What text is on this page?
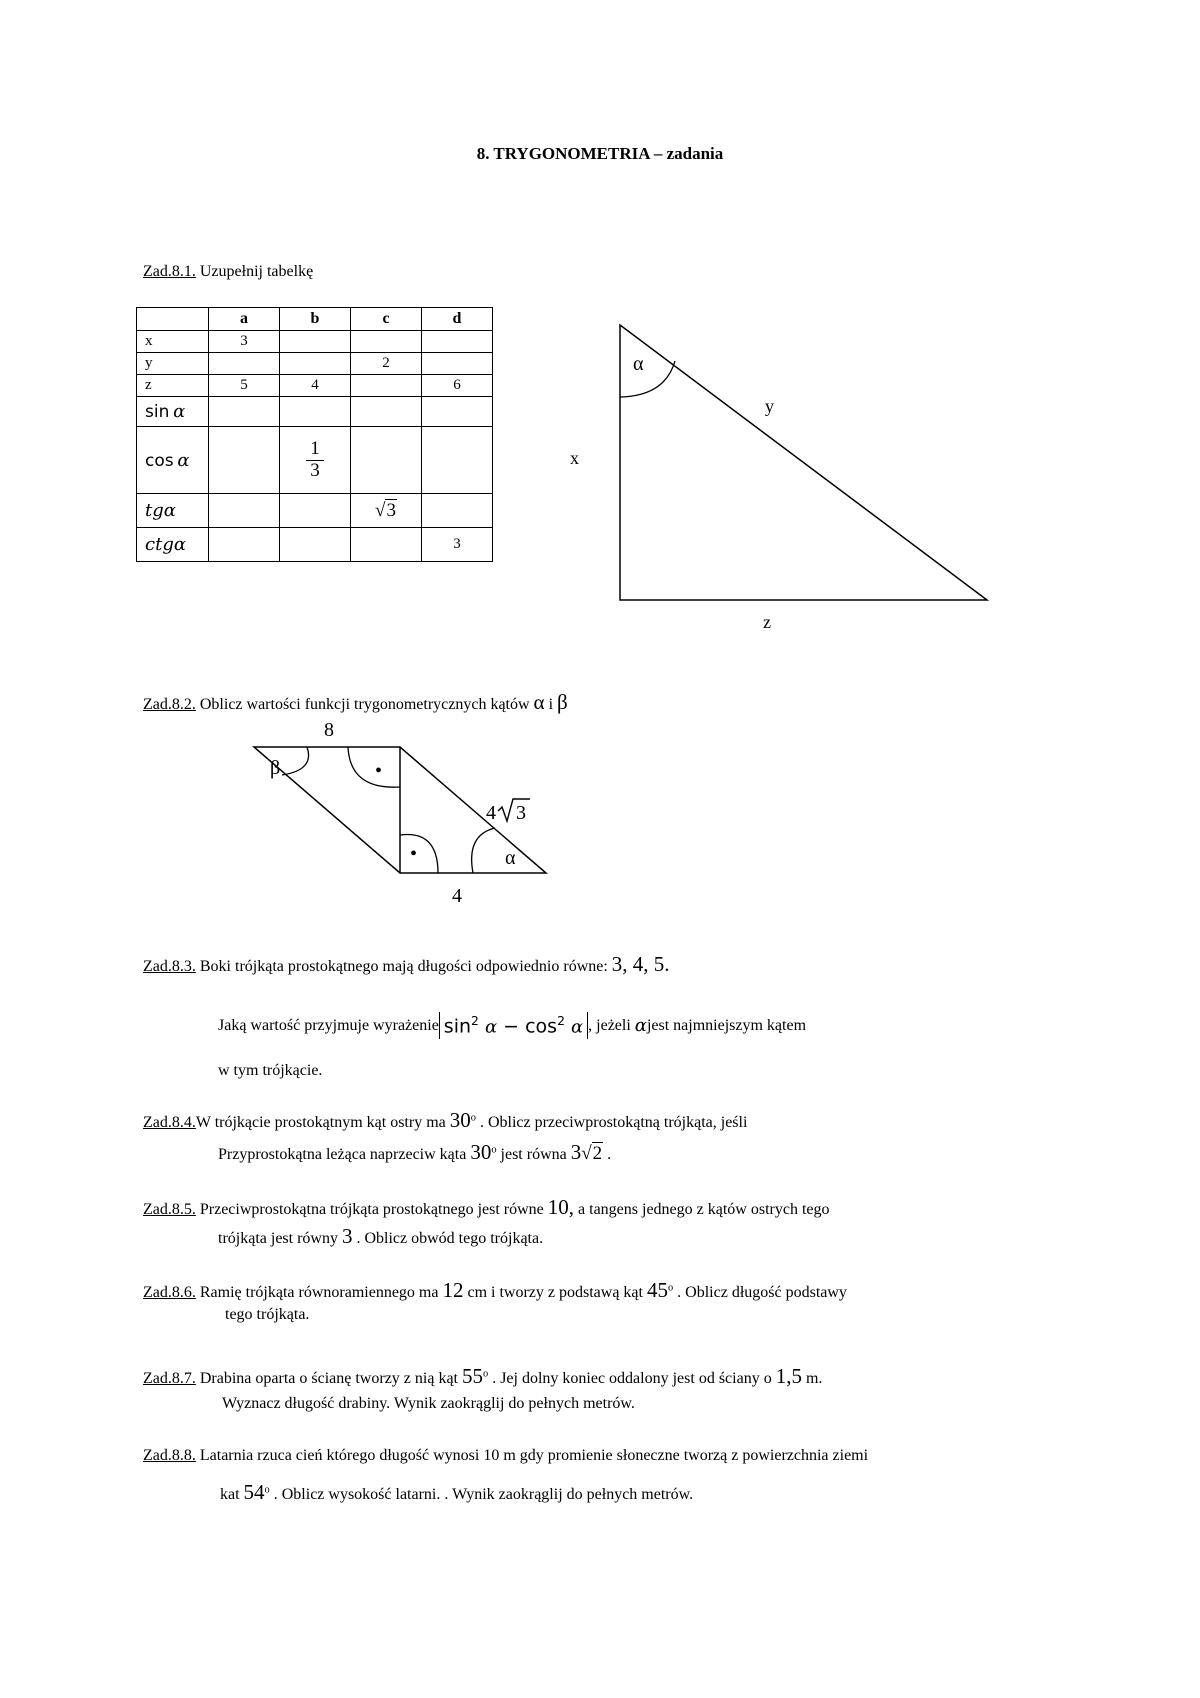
8. TRYGONOMETRIA – zadania
Zad.8.1. Uzupełnij tabelkę
	a	b	c	d
x	3			
y			2	
z	5	4		6
sin α				
cos α		$\frac{1}{3}$

tgα			√3	
ctgα				3
α
x
y
z
Zad.8.2. Oblicz wartości funkcji trygonometrycznych kątów α i β
8
β	•
•	α
4
4 3
Zad.8.3. Boki trójkąta prostokątnego mają długości odpowiednio równe: 3, 4, 5.
Jaką wartość przyjmuje wyrażenie $\sin^2 \alpha - \cos^2 \alpha$ , jeżeli
α jest najmniejszym kątem
w tym trójkącie.
Zad.8.4.W trójkącie prostokątnym kąt ostry ma 30$^o$ . Oblicz przeciwprostokątną trójkąta, jeśli
Przyprostokątna leżąca naprzeciw kąta 30$^o$ jest równa 3√2 .
Zad.8.5. Przeciwprostokątna trójkąta prostokątnego jest równe 10, a tangens jednego z kątów ostrych tego
trójkąta jest równy 3 . Oblicz obwód tego trójkąta.
Zad.8.6. Ramię trójkąta równoramiennego ma 12 cm i tworzy z podstawą kąt 45$^o$ . Oblicz długość podstawy
tego trójkąta.
Zad.8.7. Drabina oparta o ścianę tworzy z nią kąt 55$^o$ . Jej dolny koniec oddalony jest od ściany o 1,5 m.
Wyznacz długość drabiny. Wynik zaokrąglij do pełnych metrów.
Zad.8.8. Latarnia rzuca cień którego długość wynosi 10 m gdy promienie słoneczne tworzą z powierzchnia ziemi
kat 54$^o$ . Oblicz wysokość latarni. . Wynik zaokrąglij do pełnych metrów.
